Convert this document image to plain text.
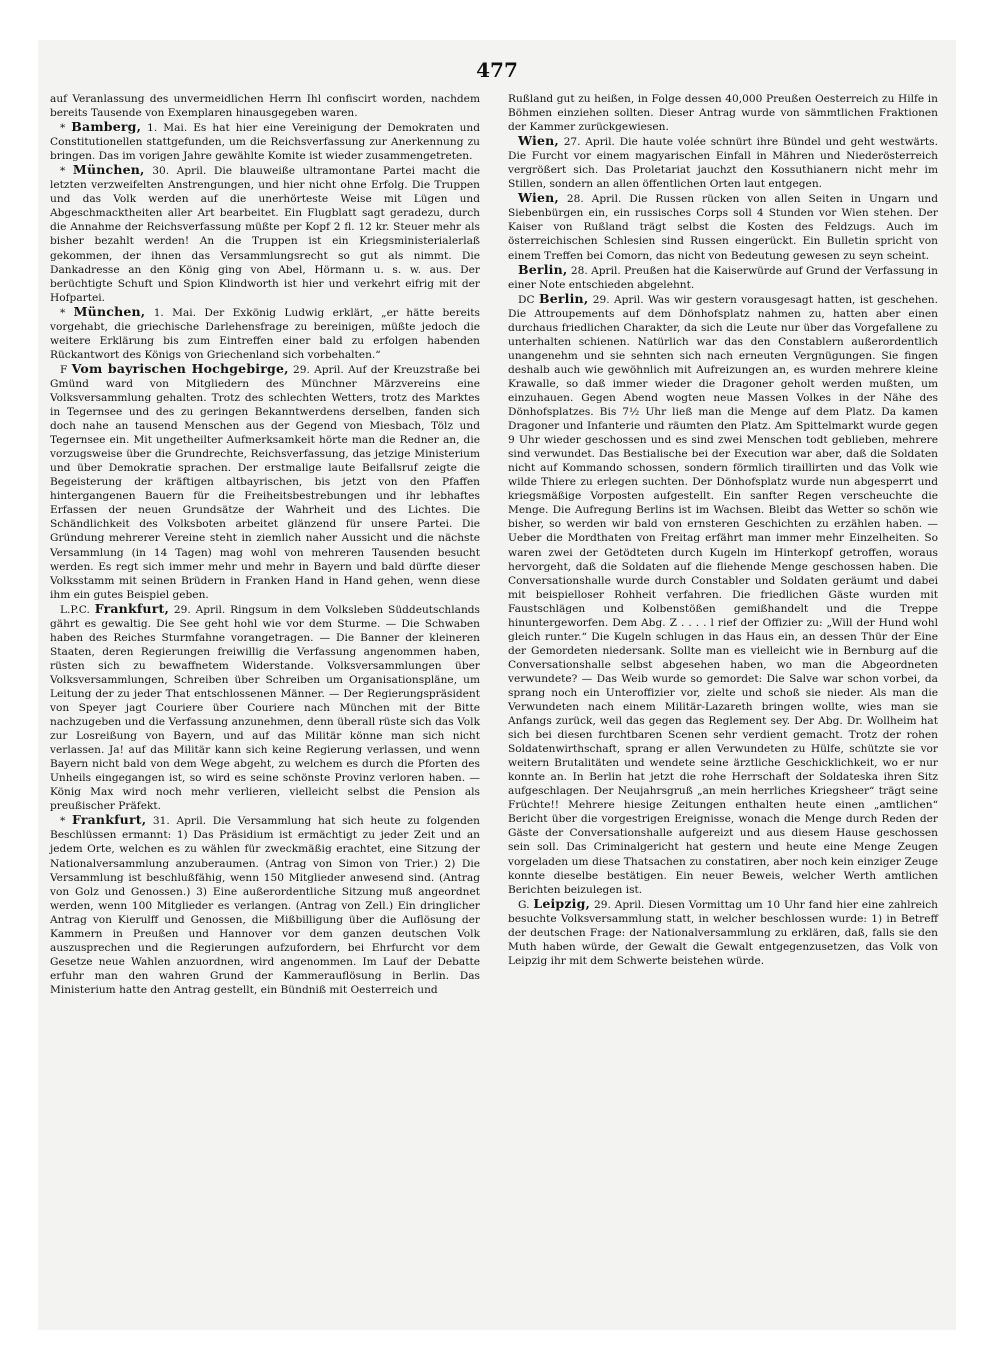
477

auf Veranlassung des unvermeidlichen Herrn Ihl confiscirt worden, nachdem bereits Tausende von Exemplaren hinausgegeben waren.

* Bamberg, 1. Mai. Es hat hier eine Vereinigung der Demokraten und Constitutionellen stattgefunden, um die Reichsverfassung zur Anerkennung zu bringen. Das im vorigen Jahre gewählte Komite ist wieder zusammengetreten.

* München, 30. April. Die blauweiße ultramontane Partei macht die letzten verzweifelten Anstrengungen, und hier nicht ohne Erfolg. Die Truppen und das Volk werden auf die unerhörteste Weise mit Lügen und Abgeschmacktheiten aller Art bearbeitet. Ein Flugblatt sagt geradezu, durch die Annahme der Reichsverfassung müßte per Kopf 2 fl. 12 kr. Steuer mehr als bisher bezahlt werden! An die Truppen ist ein Kriegsministerialerlaß gekommen, der ihnen das Versammlungsrecht so gut als nimmt. Die Dankadresse an den König ging von Abel, Hörmann u. s. w. aus. Der berüchtigte Schuft und Spion Klindworth ist hier und verkehrt eifrig mit der Hofpartei.

* München, 1. Mai. Der Exkönig Ludwig erklärt, „er hätte bereits vorgehabt, die griechische Darlehensfrage zu bereinigen, müßte jedoch die weitere Erklärung bis zum Eintreffen einer bald zu erfolgen habenden Rückantwort des Königs von Griechenland sich vorbehalten.“

F Vom bayrischen Hochgebirge, 29. April. Auf der Kreuzstraße bei Gmünd ward von Mitgliedern des Münchner Märzvereins eine Volksversammlung gehalten. Trotz des schlechten Wetters, trotz des Marktes in Tegernsee und des zu geringen Bekanntwerdens derselben, fanden sich doch nahe an tausend Menschen aus der Gegend von Miesbach, Tölz und Tegernsee ein. Mit ungetheilter Aufmerksamkeit hörte man die Redner an, die vorzugsweise über die Grundrechte, Reichsverfassung, das jetzige Ministerium und über Demokratie sprachen. Der erstmalige laute Beifallsruf zeigte die Begeisterung der kräftigen altbayrischen, bis jetzt von den Pfaffen hintergangenen Bauern für die Freiheitsbestrebungen und ihr lebhaftes Erfassen der neuen Grundsätze der Wahrheit und des Lichtes. Die Schändlichkeit des Volksboten arbeitet glänzend für unsere Partei. Die Gründung mehrerer Vereine steht in ziemlich naher Aussicht und die nächste Versammlung (in 14 Tagen) mag wohl von mehreren Tausenden besucht werden. Es regt sich immer mehr und mehr in Bayern und bald dürfte dieser Volksstamm mit seinen Brüdern in Franken Hand in Hand gehen, wenn diese ihm ein gutes Beispiel geben.

L.P.C. Frankfurt, 29. April. Ringsum in dem Volksleben Süddeutschlands gährt es gewaltig. Die See geht hohl wie vor dem Sturme. — Die Schwaben haben des Reiches Sturmfahne vorangetragen. — Die Banner der kleineren Staaten, deren Regierungen freiwillig die Verfassung angenommen haben, rüsten sich zu bewaffnetem Widerstande. Volksversammlungen über Volksversammlungen, Schreiben über Schreiben um Organisationspläne, um Leitung der zu jeder That entschlossenen Männer. — Der Regierungspräsident von Speyer jagt Couriere über Couriere nach München mit der Bitte nachzugeben und die Verfassung anzunehmen, denn überall rüste sich das Volk zur Losreißung von Bayern, und auf das Militär könne man sich nicht verlassen. Ja! auf das Militär kann sich keine Regierung verlassen, und wenn Bayern nicht bald von dem Wege abgeht, zu welchem es durch die Pforten des Unheils eingegangen ist, so wird es seine schönste Provinz verloren haben. — König Max wird noch mehr verlieren, vielleicht selbst die Pension als preußischer Präfekt.

* Frankfurt, 31. April. Die Versammlung hat sich heute zu folgenden Beschlüssen ermannt: 1) Das Präsidium ist ermächtigt zu jeder Zeit und an jedem Orte, welchen es zu wählen für zweckmäßig erachtet, eine Sitzung der Nationalversammlung anzuberaumen. (Antrag von Simon von Trier.) 2) Die Versammlung ist beschlußfähig, wenn 150 Mitglieder anwesend sind. (Antrag von Golz und Genossen.) 3) Eine außerordentliche Sitzung muß angeordnet werden, wenn 100 Mitglieder es verlangen. (Antrag von Zell.) Ein dringlicher Antrag von Kierulff und Genossen, die Mißbilligung über die Auflösung der Kammern in Preußen und Hannover vor dem ganzen deutschen Volk auszusprechen und die Regierungen aufzufordern, bei Ehrfurcht vor dem Gesetze neue Wahlen anzuordnen, wird angenommen. Im Lauf der Debatte erfuhr man den wahren Grund der Kammerauflösung in Berlin. Das Ministerium hatte den Antrag gestellt, ein Bündniß mit Oesterreich und

Rußland gut zu heißen, in Folge dessen 40,000 Preußen Oesterreich zu Hilfe in Böhmen einziehen sollten. Dieser Antrag wurde von sämmtlichen Fraktionen der Kammer zurückgewiesen.

Wien, 27. April. Die haute volée schnürt ihre Bündel und geht westwärts. Die Furcht vor einem magyarischen Einfall in Mähren und Niederösterreich vergrößert sich. Das Proletariat jauchzt den Kossuthianern nicht mehr im Stillen, sondern an allen öffentlichen Orten laut entgegen.

Wien, 28. April. Die Russen rücken von allen Seiten in Ungarn und Siebenbürgen ein, ein russisches Corps soll 4 Stunden vor Wien stehen. Der Kaiser von Rußland trägt selbst die Kosten des Feldzugs. Auch im österreichischen Schlesien sind Russen eingerückt. Ein Bulletin spricht von einem Treffen bei Comorn, das nicht von Bedeutung gewesen zu seyn scheint.

Berlin, 28. April. Preußen hat die Kaiserwürde auf Grund der Verfassung in einer Note entschieden abgelehnt.

DC Berlin, 29. April. Was wir gestern vorausgesagt hatten, ist geschehen. Die Attroupements auf dem Dönhofsplatz nahmen zu, hatten aber einen durchaus friedlichen Charakter, da sich die Leute nur über das Vorgefallene zu unterhalten schienen. Natürlich war das den Constablern außerordentlich unangenehm und sie sehnten sich nach erneuten Vergnügungen. Sie fingen deshalb auch wie gewöhnlich mit Aufreizungen an, es wurden mehrere kleine Krawalle, so daß immer wieder die Dragoner geholt werden mußten, um einzuhauen. Gegen Abend wogten neue Massen Volkes in der Nähe des Dönhofsplatzes. Bis 7½ Uhr ließ man die Menge auf dem Platz. Da kamen Dragoner und Infanterie und räumten den Platz. Am Spittelmarkt wurde gegen 9 Uhr wieder geschossen und es sind zwei Menschen todt geblieben, mehrere sind verwundet. Das Bestialische bei der Execution war aber, daß die Soldaten nicht auf Kommando schossen, sondern förmlich tiraillirten und das Volk wie wilde Thiere zu erlegen suchten. Der Dönhofsplatz wurde nun abgesperrt und kriegsmäßige Vorposten aufgestellt. Ein sanfter Regen verscheuchte die Menge. Die Aufregung Berlins ist im Wachsen. Bleibt das Wetter so schön wie bisher, so werden wir bald von ernsteren Geschichten zu erzählen haben. — Ueber die Mordthaten von Freitag erfährt man immer mehr Einzelheiten. So waren zwei der Getödteten durch Kugeln im Hinterkopf getroffen, woraus hervorgeht, daß die Soldaten auf die fliehende Menge geschossen haben. Die Conversationshalle wurde durch Constabler und Soldaten geräumt und dabei mit beispielloser Rohheit verfahren. Die friedlichen Gäste wurden mit Faustschlägen und Kolbenstößen gemißhandelt und die Treppe hinuntergeworfen. Dem Abg. Z . . . . l rief der Offizier zu: „Will der Hund wohl gleich runter.“ Die Kugeln schlugen in das Haus ein, an dessen Thür der Eine der Gemordeten niedersank. Sollte man es vielleicht wie in Bernburg auf die Conversationshalle selbst abgesehen haben, wo man die Abgeordneten verwundete? — Das Weib wurde so gemordet: Die Salve war schon vorbei, da sprang noch ein Unteroffizier vor, zielte und schoß sie nieder. Als man die Verwundeten nach einem Militär-Lazareth bringen wollte, wies man sie Anfangs zurück, weil das gegen das Reglement sey. Der Abg. Dr. Wollheim hat sich bei diesen furchtbaren Scenen sehr verdient gemacht. Trotz der rohen Soldatenwirthschaft, sprang er allen Verwundeten zu Hülfe, schützte sie vor weitern Brutalitäten und wendete seine ärztliche Geschicklichkeit, wo er nur konnte an. In Berlin hat jetzt die rohe Herrschaft der Soldateska ihren Sitz aufgeschlagen. Der Neujahrsgruß „an mein herrliches Kriegsheer“ trägt seine Früchte!! Mehrere hiesige Zeitungen enthalten heute einen „amtlichen“ Bericht über die vorgestrigen Ereignisse, wonach die Menge durch Reden der Gäste der Conversationshalle aufgereizt und aus diesem Hause geschossen sein soll. Das Criminalgericht hat gestern und heute eine Menge Zeugen vorgeladen um diese Thatsachen zu constatiren, aber noch kein einziger Zeuge konnte dieselbe bestätigen. Ein neuer Beweis, welcher Werth amtlichen Berichten beizulegen ist.

G. Leipzig, 29. April. Diesen Vormittag um 10 Uhr fand hier eine zahlreich besuchte Volksversammlung statt, in welcher beschlossen wurde: 1) in Betreff der deutschen Frage: der Nationalversammlung zu erklären, daß, falls sie den Muth haben würde, der Gewalt die Gewalt entgegenzusetzen, das Volk von Leipzig ihr mit dem Schwerte beistehen würde.
